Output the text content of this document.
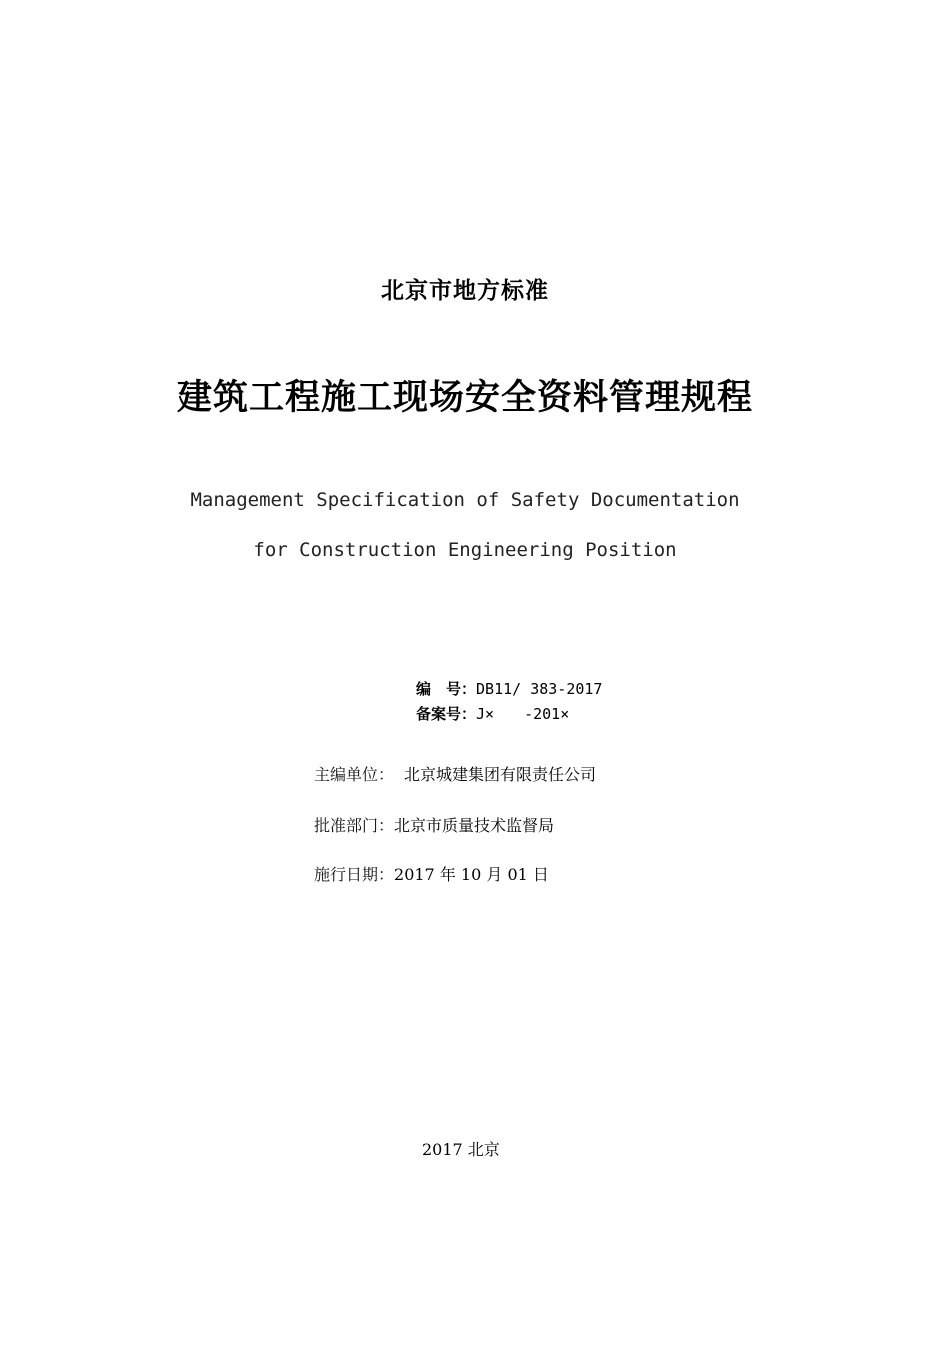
北京市地方标准
建筑工程施工现场安全资料管理规程
Management Specification of Safety Documentation
for Construction Engineering Position
编　号：DB11/ 383-2017
备案号：J×　　-201×
主编单位： 北京城建集团有限责任公司
批准部门：北京市质量技术监督局
施行日期：2017 年 10 月 01 日
2017 北京
